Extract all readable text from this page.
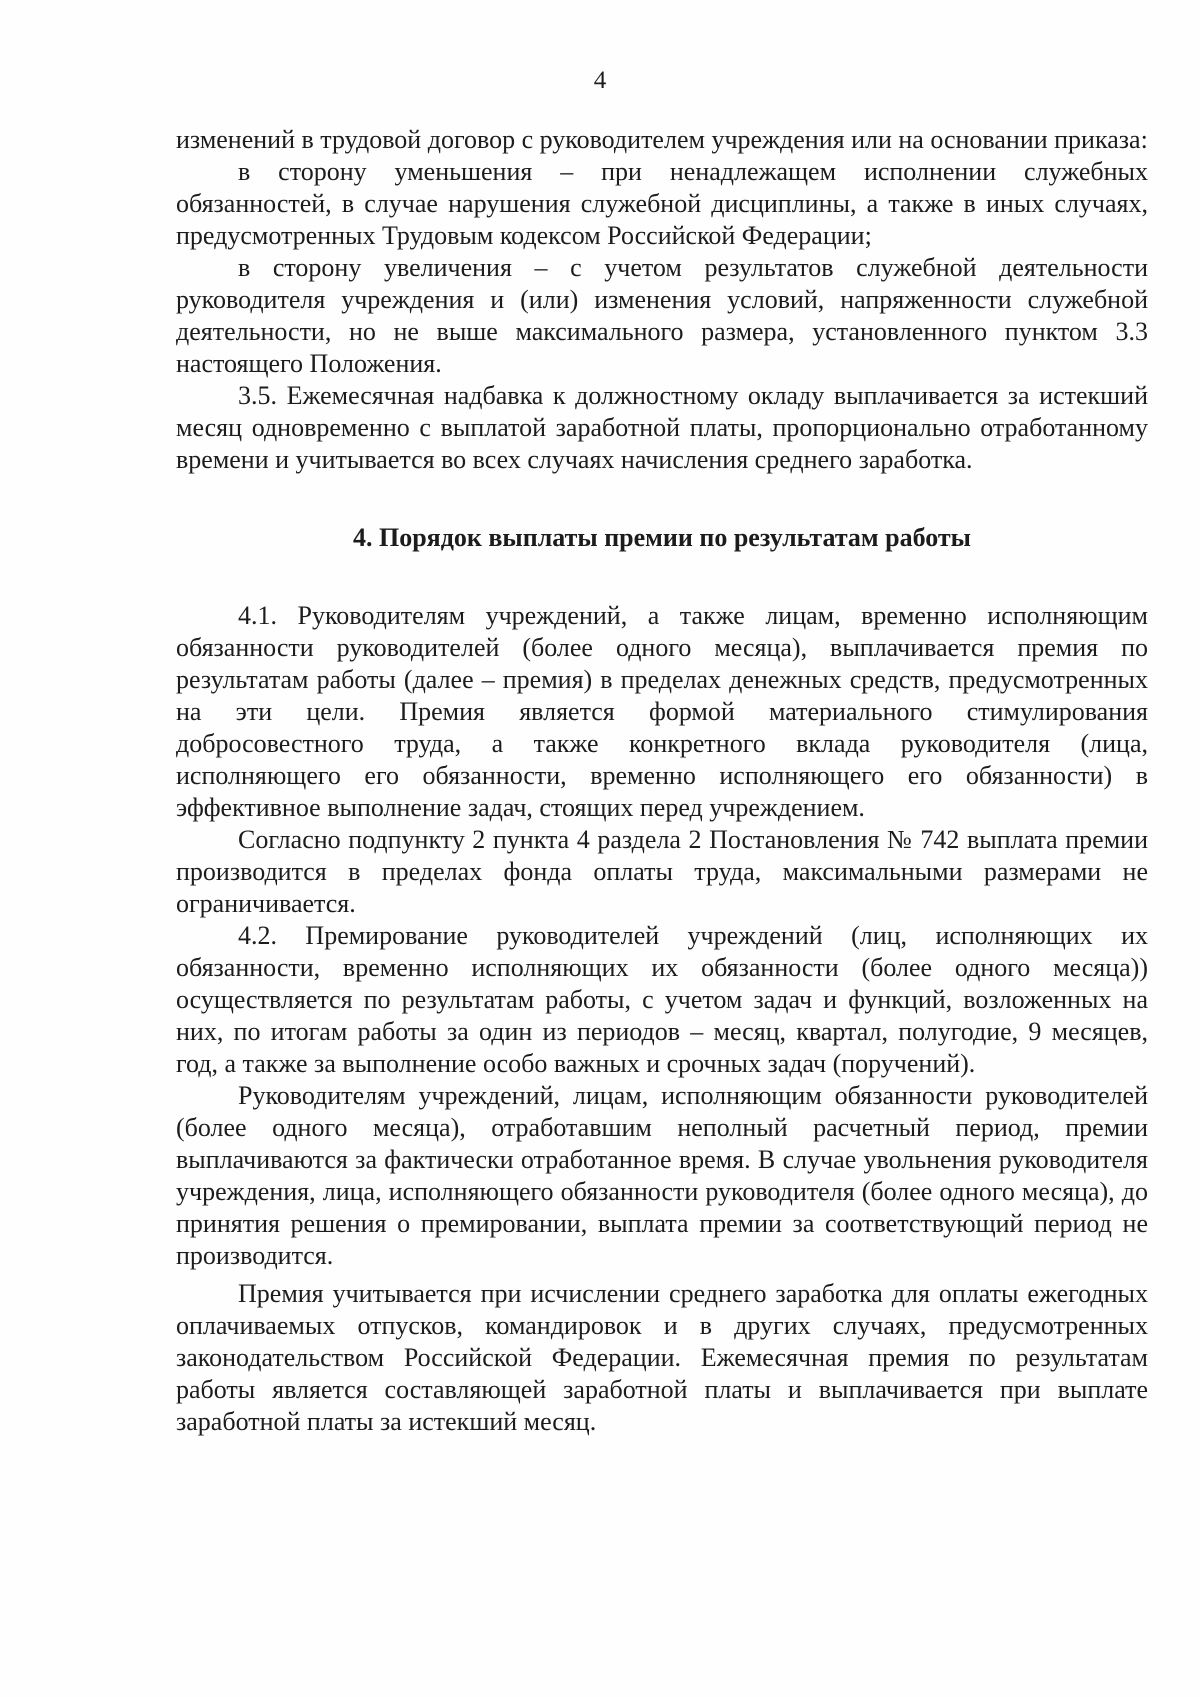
4

изменений в трудовой договор с руководителем учреждения или на основании приказа:

в сторону уменьшения – при ненадлежащем исполнении служебных обязанностей, в случае нарушения служебной дисциплины, а также в иных случаях, предусмотренных Трудовым кодексом Российской Федерации;

в сторону увеличения – с учетом результатов служебной деятельности руководителя учреждения и (или) изменения условий, напряженности служебной деятельности, но не выше максимального размера, установленного пунктом 3.3 настоящего Положения.

3.5. Ежемесячная надбавка к должностному окладу выплачивается за истекший месяц одновременно с выплатой заработной платы, пропорционально отработанному времени и учитывается во всех случаях начисления среднего заработка.

4. Порядок выплаты премии по результатам работы

4.1. Руководителям учреждений, а также лицам, временно исполняющим обязанности руководителей (более одного месяца), выплачивается премия по результатам работы (далее – премия) в пределах денежных средств, предусмотренных на эти цели. Премия является формой материального стимулирования добросовестного труда, а также конкретного вклада руководителя (лица, исполняющего его обязанности, временно исполняющего его обязанности) в эффективное выполнение задач, стоящих перед учреждением.

Согласно подпункту 2 пункта 4 раздела 2 Постановления № 742 выплата премии производится в пределах фонда оплаты труда, максимальными размерами не ограничивается.

4.2. Премирование руководителей учреждений (лиц, исполняющих их обязанности, временно исполняющих их обязанности (более одного месяца)) осуществляется по результатам работы, с учетом задач и функций, возложенных на них, по итогам работы за один из периодов – месяц, квартал, полугодие, 9 месяцев, год, а также за выполнение особо важных и срочных задач (поручений).

Руководителям учреждений, лицам, исполняющим обязанности руководителей (более одного месяца), отработавшим неполный расчетный период, премии выплачиваются за фактически отработанное время. В случае увольнения руководителя учреждения, лица, исполняющего обязанности руководителя (более одного месяца), до принятия решения о премировании, выплата премии за соответствующий период не производится.

Премия учитывается при исчислении среднего заработка для оплаты ежегодных оплачиваемых отпусков, командировок и в других случаях, предусмотренных законодательством Российской Федерации. Ежемесячная премия по результатам работы является составляющей заработной платы и выплачивается при выплате заработной платы за истекший месяц.
